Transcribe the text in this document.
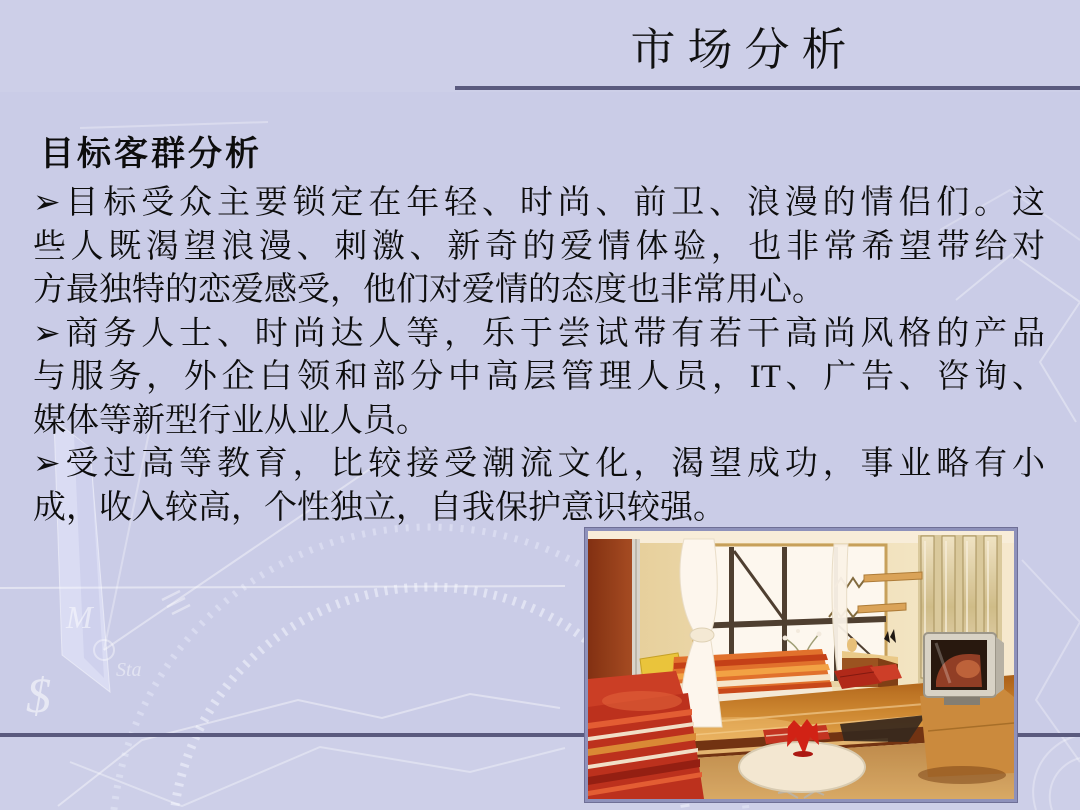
$
M
Sta
市场分析
目标客群分析
➢目标受众主要锁定在年轻、时尚、前卫、浪漫的情侣们。这
些人既渴望浪漫、刺激、新奇的爱情体验，也非常希望带给对
方最独特的恋爱感受，他们对爱情的态度也非常用心。
➢商务人士、时尚达人等，乐于尝试带有若干高尚风格的产品
与服务，外企白领和部分中高层管理人员，IT、广告、咨询、
媒体等新型行业从业人员。
➢受过高等教育，比较接受潮流文化，渴望成功，事业略有小
成，收入较高，个性独立，自我保护意识较强。
